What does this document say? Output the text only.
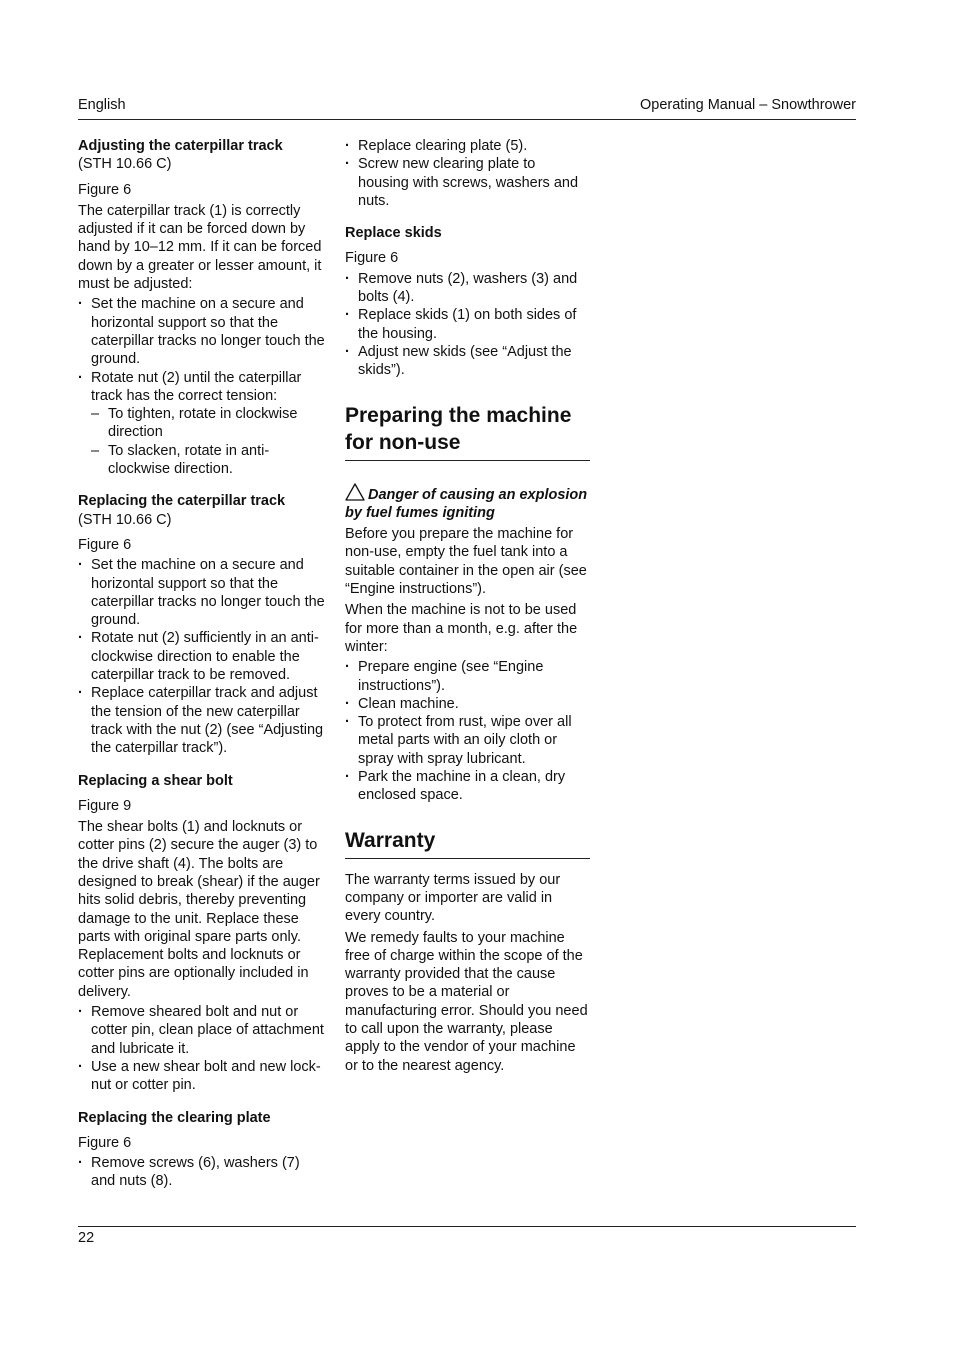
English	Operating Manual – Snowthrower
Adjusting the caterpillar track
(STH 10.66 C)

Figure 6

The caterpillar track (1) is correctly adjusted if it can be forced down by hand by 10–12 mm. If it can be forced down by a greater or lesser amount, it must be adjusted:

· Set the machine on a secure and horizontal support so that the caterpillar tracks no longer touch the ground.
· Rotate nut (2) until the caterpillar track has the correct tension:
– To tighten, rotate in clockwise direction
– To slacken, rotate in anti-clockwise direction.
Replacing the caterpillar track
(STH 10.66 C)

Figure 6

· Set the machine on a secure and horizontal support so that the caterpillar tracks no longer touch the ground.
· Rotate nut (2) sufficiently in an anti-clockwise direction to enable the caterpillar track to be removed.
· Replace caterpillar track and adjust the tension of the new caterpillar track with the nut (2) (see “Adjusting the caterpillar track”).
Replacing a shear bolt

Figure 9

The shear bolts (1) and locknuts or cotter pins (2) secure the auger (3) to the drive shaft (4). The bolts are designed to break (shear) if the auger hits solid debris, thereby preventing damage to the unit. Replace these parts with original spare parts only. Replacement bolts and locknuts or cotter pins are optionally included in delivery.

· Remove sheared bolt and nut or cotter pin, clean place of attachment and lubricate it.
· Use a new shear bolt and new lock-nut or cotter pin.
Replacing the clearing plate

Figure 6

· Remove screws (6), washers (7) and nuts (8).
· Replace clearing plate (5).
· Screw new clearing plate to housing with screws, washers and nuts.
Replace skids

Figure 6

· Remove nuts (2), washers (3) and bolts (4).
· Replace skids (1) on both sides of the housing.
· Adjust new skids (see “Adjust the skids”).
Preparing the machine for non-use
Danger of causing an explosion by fuel fumes igniting

Before you prepare the machine for non-use, empty the fuel tank into a suitable container in the open air (see “Engine instructions”).

When the machine is not to be used for more than a month, e.g. after the winter:

· Prepare engine (see “Engine instructions”).
· Clean machine.
· To protect from rust, wipe over all metal parts with an oily cloth or spray with spray lubricant.
· Park the machine in a clean, dry enclosed space.
Warranty

The warranty terms issued by our company or importer are valid in every country.

We remedy faults to your machine free of charge within the scope of the warranty provided that the cause proves to be a material or manufacturing error. Should you need to call upon the warranty, please apply to the vendor of your machine or to the nearest agency.

22
